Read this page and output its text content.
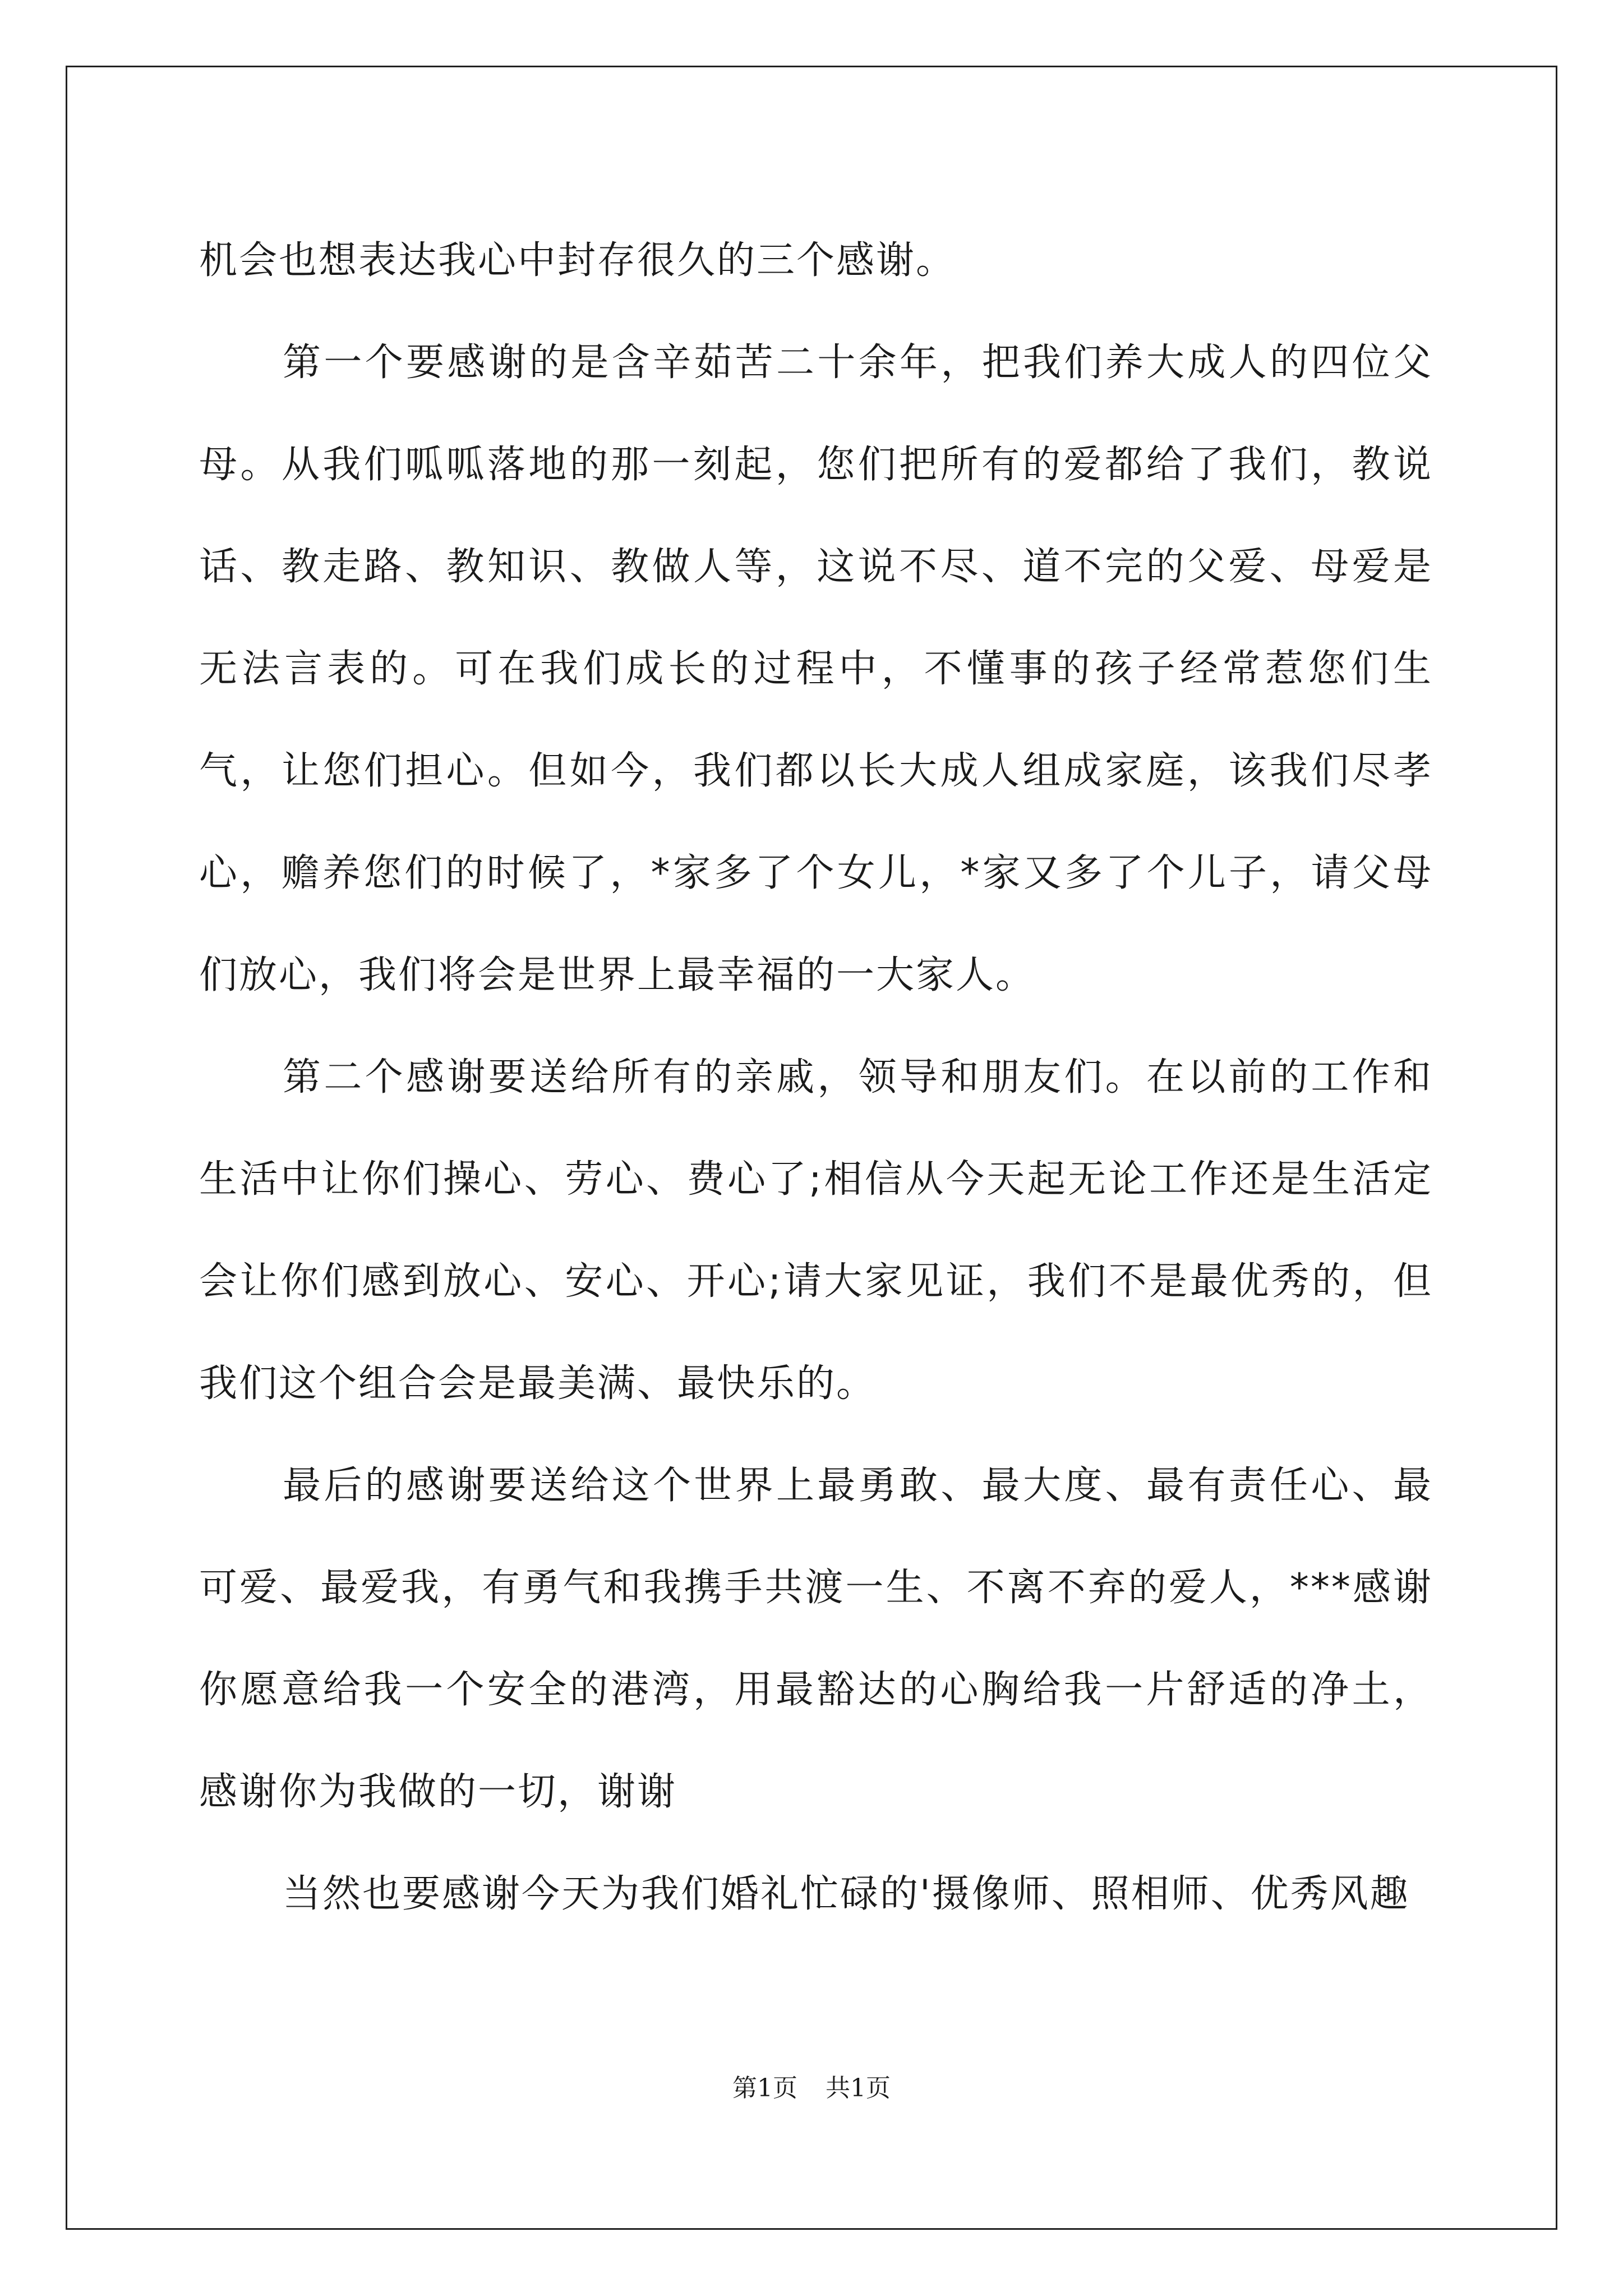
机会也想表达我心中封存很久的三个感谢。

第一个要感谢的是含辛茹苦二十余年，把我们养大成人的四位父母。从我们呱呱落地的那一刻起，您们把所有的爱都给了我们，教说话、教走路、教知识、教做人等，这说不尽、道不完的父爱、母爱是无法言表的。可在我们成长的过程中，不懂事的孩子经常惹您们生气，让您们担心。但如今，我们都以长大成人组成家庭，该我们尽孝心，赡养您们的时候了，*家多了个女儿，*家又多了个儿子，请父母们放心，我们将会是世界上最幸福的一大家人。

第二个感谢要送给所有的亲戚，领导和朋友们。在以前的工作和生活中让你们操心、劳心、费心了;相信从今天起无论工作还是生活定会让你们感到放心、安心、开心;请大家见证，我们不是最优秀的，但我们这个组合会是最美满、最快乐的。

最后的感谢要送给这个世界上最勇敢、最大度、最有责任心、最可爱、最爱我，有勇气和我携手共渡一生、不离不弃的爱人，***感谢你愿意给我一个安全的港湾，用最豁达的心胸给我一片舒适的净土，感谢你为我做的一切，谢谢

当然也要感谢今天为我们婚礼忙碌的'摄像师、照相师、优秀风趣

第1页 共1页
